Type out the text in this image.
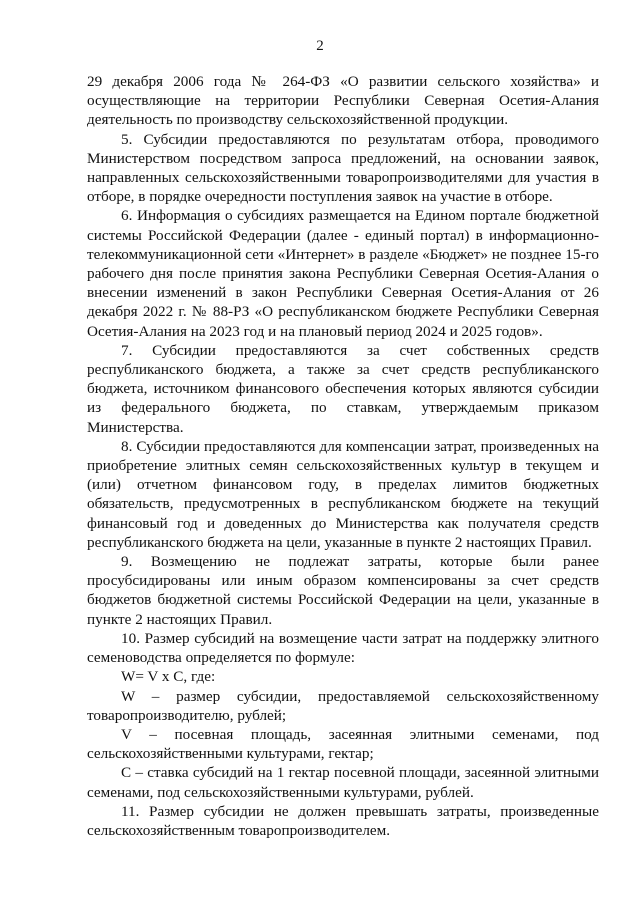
2

29 декабря 2006 года № 264-ФЗ «О развитии сельского хозяйства» и осуществляющие на территории Республики Северная Осетия-Алания деятельность по производству сельскохозяйственной продукции.

5. Субсидии предоставляются по результатам отбора, проводимого Министерством посредством запроса предложений, на основании заявок, направленных сельскохозяйственными товаропроизводителями для участия в отборе, в порядке очередности поступления заявок на участие в отборе.

6. Информация о субсидиях размещается на Едином портале бюджетной системы Российской Федерации (далее - единый портал) в информационно-телекоммуникационной сети «Интернет» в разделе «Бюджет» не позднее 15-го рабочего дня после принятия закона Республики Северная Осетия-Алания о внесении изменений в закон Республики Северная Осетия-Алания от 26 декабря 2022 г. № 88-РЗ «О республиканском бюджете Республики Северная Осетия-Алания на 2023 год и на плановый период 2024 и 2025 годов».

7. Субсидии предоставляются за счет собственных средств республиканского бюджета, а также за счет средств республиканского бюджета, источником финансового обеспечения которых являются субсидии из федерального бюджета, по ставкам, утверждаемым приказом Министерства.

8. Субсидии предоставляются для компенсации затрат, произведенных на приобретение элитных семян сельскохозяйственных культур в текущем и (или) отчетном финансовом году, в пределах лимитов бюджетных обязательств, предусмотренных в республиканском бюджете на текущий финансовый год и доведенных до Министерства как получателя средств республиканского бюджета на цели, указанные в пункте 2 настоящих Правил.

9. Возмещению не подлежат затраты, которые были ранее просубсидированы или иным образом компенсированы за счет средств бюджетов бюджетной системы Российской Федерации на цели, указанные в пункте 2 настоящих Правил.

10. Размер субсидий на возмещение части затрат на поддержку элитного семеноводства определяется по формуле:

W= V х С, где:

W – размер субсидии, предоставляемой сельскохозяйственному товаропроизводителю, рублей;

V – посевная площадь, засеянная элитными семенами, под сельскохозяйственными культурами, гектар;

С – ставка субсидий на 1 гектар посевной площади, засеянной элитными семенами, под сельскохозяйственными культурами, рублей.

11. Размер субсидии не должен превышать затраты, произведенные сельскохозяйственным товаропроизводителем.
